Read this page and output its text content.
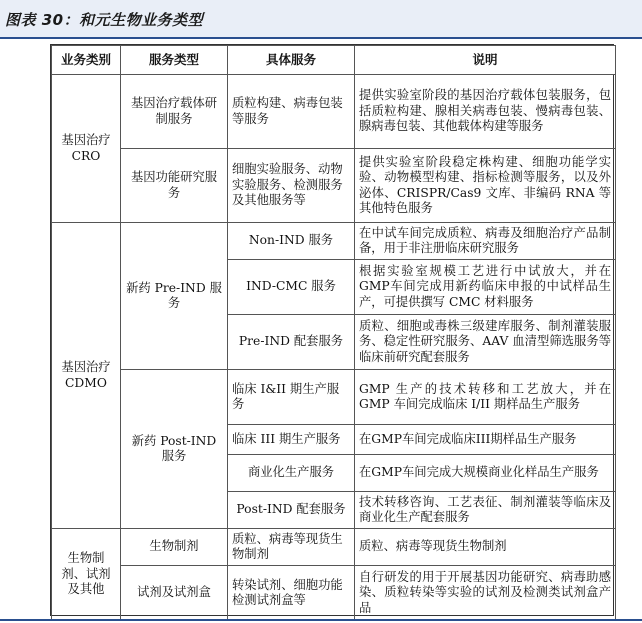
图表 30：和元生物业务类型
业务类别	服务类型	具体服务	说明
基因治疗 CRO	基因治疗载体研制服务	质粒构建、病毒包装等服务	提供实验室阶段的基因治疗载体包装服务，包括质粒构建、腺相关病毒包装、慢病毒包装、腺病毒包装、其他载体构建等服务
	基因功能研究服务	细胞实验服务、动物实验服务、检测服务及其他服务等	提供实验室阶段稳定株构建、细胞功能学实验、动物模型构建、指标检测等服务，以及外泌体、CRISPR/Cas9 文库、非编码 RNA 等其他特色服务
基因治疗 CDMO	新药 Pre-IND 服务	Non-IND 服务	在中试车间完成质粒、病毒及细胞治疗产品制备，用于非注册临床研究服务
		IND-CMC 服务	根据实验室规模工艺进行中试放大，并在GMP车间完成用新药临床申报的中试样品生产，可提供撰写 CMC 材料服务
		Pre-IND 配套服务	质粒、细胞或毒株三级建库服务、制剂灌装服务、稳定性研究服务、AAV 血清型筛选服务等临床前研究配套服务
	新药 Post-IND 服务	临床 I&II 期生产服务	GMP 生产的技术转移和工艺放大，并在 GMP 车间完成临床 I/II 期样品生产服务
		临床 III 期生产服务	在GMP车间完成临床III期样品生产服务
		商业化生产服务	在GMP车间完成大规模商业化样品生产服务
		Post-IND 配套服务	技术转移咨询、工艺表征、制剂灌装等临床及商业化生产配套服务
生物制剂、试剂及其他	生物制剂	质粒、病毒等现货生物制剂	质粒、病毒等现货生物制剂
	试剂及试剂盒	转染试剂、细胞功能检测试剂盒等	自行研发的用于开展基因功能研究、病毒助感染、质粒转染等实验的试剂及检测类试剂盒产品
